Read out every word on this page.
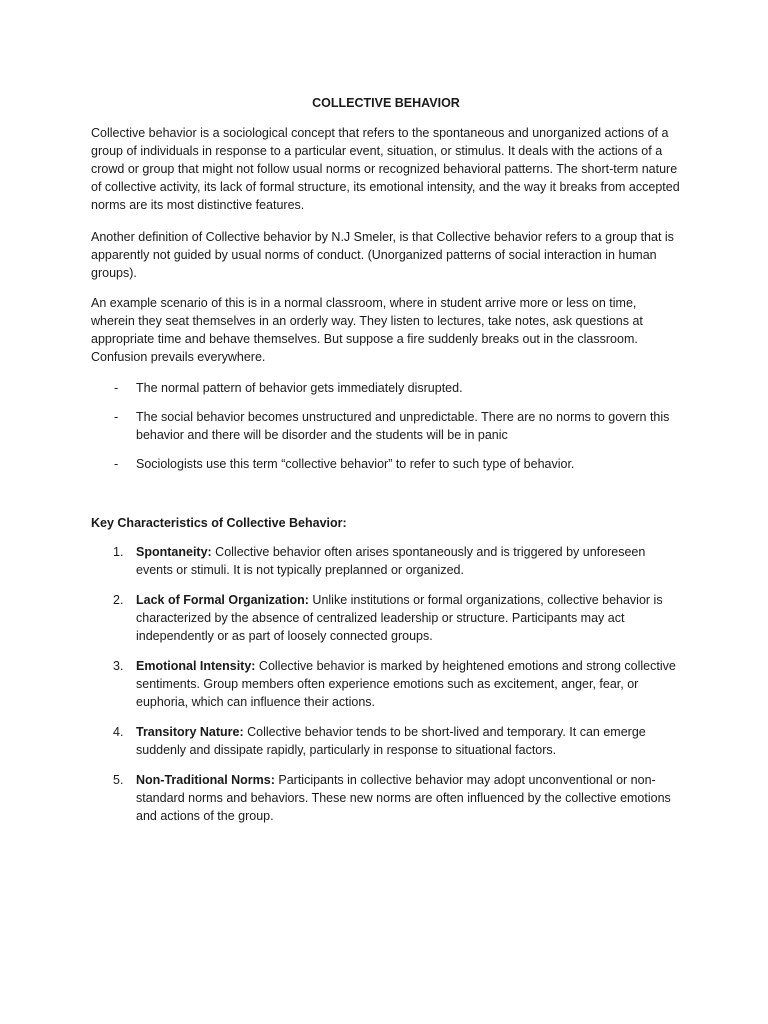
COLLECTIVE BEHAVIOR

Collective behavior is a sociological concept that refers to the spontaneous and unorganized actions of a group of individuals in response to a particular event, situation, or stimulus. It deals with the actions of a crowd or group that might not follow usual norms or recognized behavioral patterns. The short-term nature of collective activity, its lack of formal structure, its emotional intensity, and the way it breaks from accepted norms are its most distinctive features.

Another definition of Collective behavior by N.J Smeler, is that Collective behavior refers to a group that is apparently not guided by usual norms of conduct. (Unorganized patterns of social interaction in human groups).

An example scenario of this is in a normal classroom, where in student arrive more or less on time, wherein they seat themselves in an orderly way. They listen to lectures, take notes, ask questions at appropriate time and behave themselves. But suppose a fire suddenly breaks out in the classroom. Confusion prevails everywhere.

- The normal pattern of behavior gets immediately disrupted.
- The social behavior becomes unstructured and unpredictable. There are no norms to govern this behavior and there will be disorder and the students will be in panic
- Sociologists use this term “collective behavior” to refer to such type of behavior.
Key Characteristics of Collective Behavior:
1. Spontaneity: Collective behavior often arises spontaneously and is triggered by unforeseen events or stimuli. It is not typically preplanned or organized.
2. Lack of Formal Organization: Unlike institutions or formal organizations, collective behavior is characterized by the absence of centralized leadership or structure. Participants may act independently or as part of loosely connected groups.
3. Emotional Intensity: Collective behavior is marked by heightened emotions and strong collective sentiments. Group members often experience emotions such as excitement, anger, fear, or euphoria, which can influence their actions.
4. Transitory Nature: Collective behavior tends to be short-lived and temporary. It can emerge suddenly and dissipate rapidly, particularly in response to situational factors.
5. Non-Traditional Norms: Participants in collective behavior may adopt unconventional or non-standard norms and behaviors. These new norms are often influenced by the collective emotions and actions of the group.
